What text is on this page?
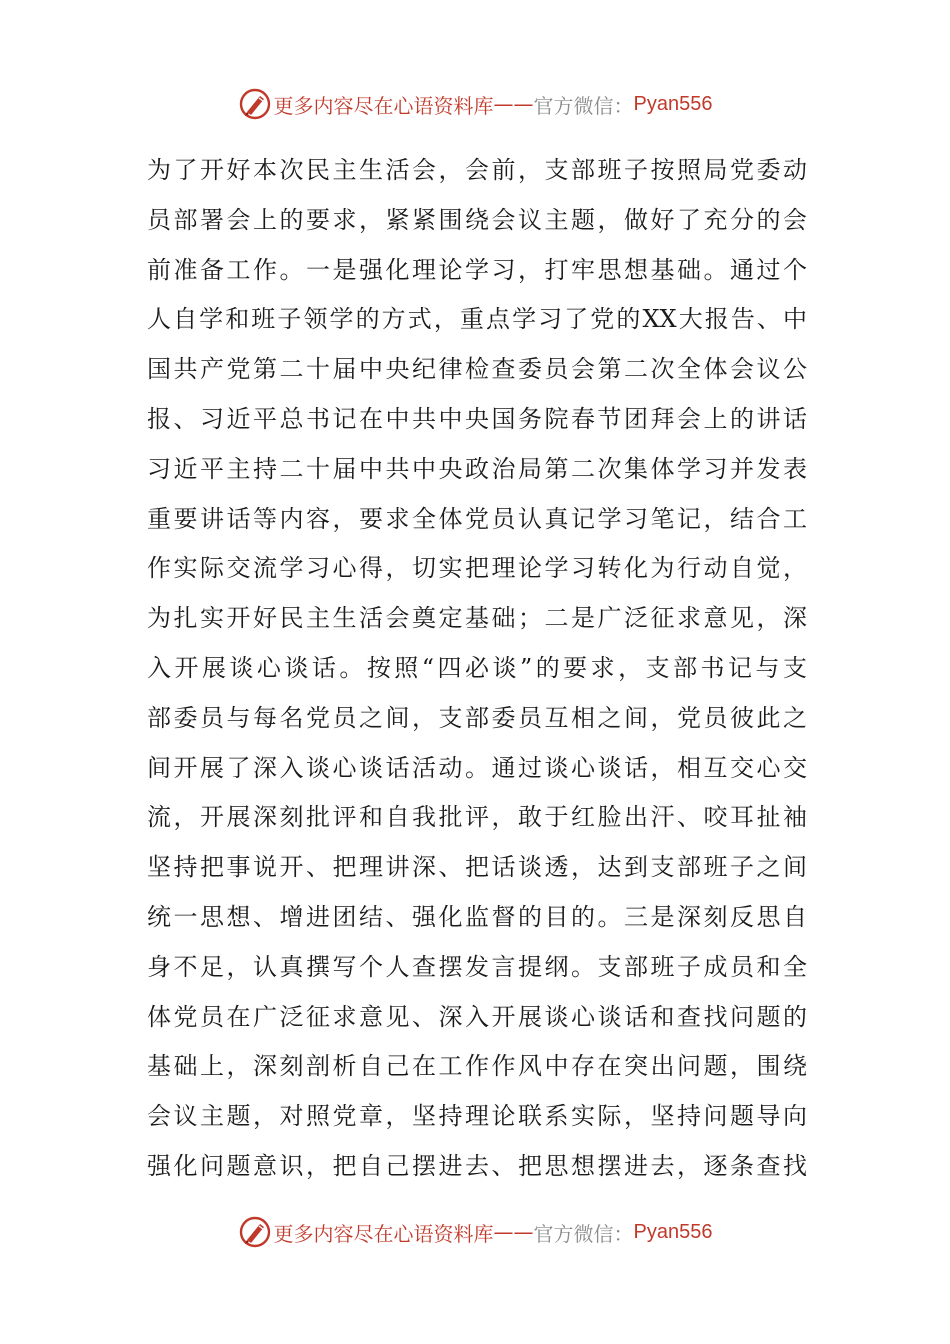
更多内容尽在心语资料库 —— 官方微信： Pyan556
为了开好本次民主生活会，会前，支部班子按照局党委动
员部署会上的要求，紧紧围绕会议主题，做好了充分的会
前准备工作。一是强化理论学习，打牢思想基础。通过个
人自学和班子领学的方式，重点学习了党的XX大报告、中
国共产党第二十届中央纪律检查委员会第二次全体会议公
报、习近平总书记在中共中央国务院春节团拜会上的讲话
习近平主持二十届中共中央政治局第二次集体学习并发表
重要讲话等内容，要求全体党员认真记学习笔记，结合工
作实际交流学习心得，切实把理论学习转化为行动自觉，
为扎实开好民主生活会奠定基础；二是广泛征求意见，深
入开展谈心谈话。按照“四必谈”的要求，支部书记与支
部委员与每名党员之间，支部委员互相之间，党员彼此之
间开展了深入谈心谈话活动。通过谈心谈话，相互交心交
流，开展深刻批评和自我批评，敢于红脸出汗、咬耳扯袖
坚持把事说开、把理讲深、把话谈透，达到支部班子之间
统一思想、增进团结、强化监督的目的。三是深刻反思自
身不足，认真撰写个人查摆发言提纲。支部班子成员和全
体党员在广泛征求意见、深入开展谈心谈话和查找问题的
基础上，深刻剖析自己在工作作风中存在突出问题，围绕
会议主题，对照党章，坚持理论联系实际，坚持问题导向
强化问题意识，把自己摆进去、把思想摆进去，逐条查找
更多内容尽在心语资料库 —— 官方微信： Pyan556
